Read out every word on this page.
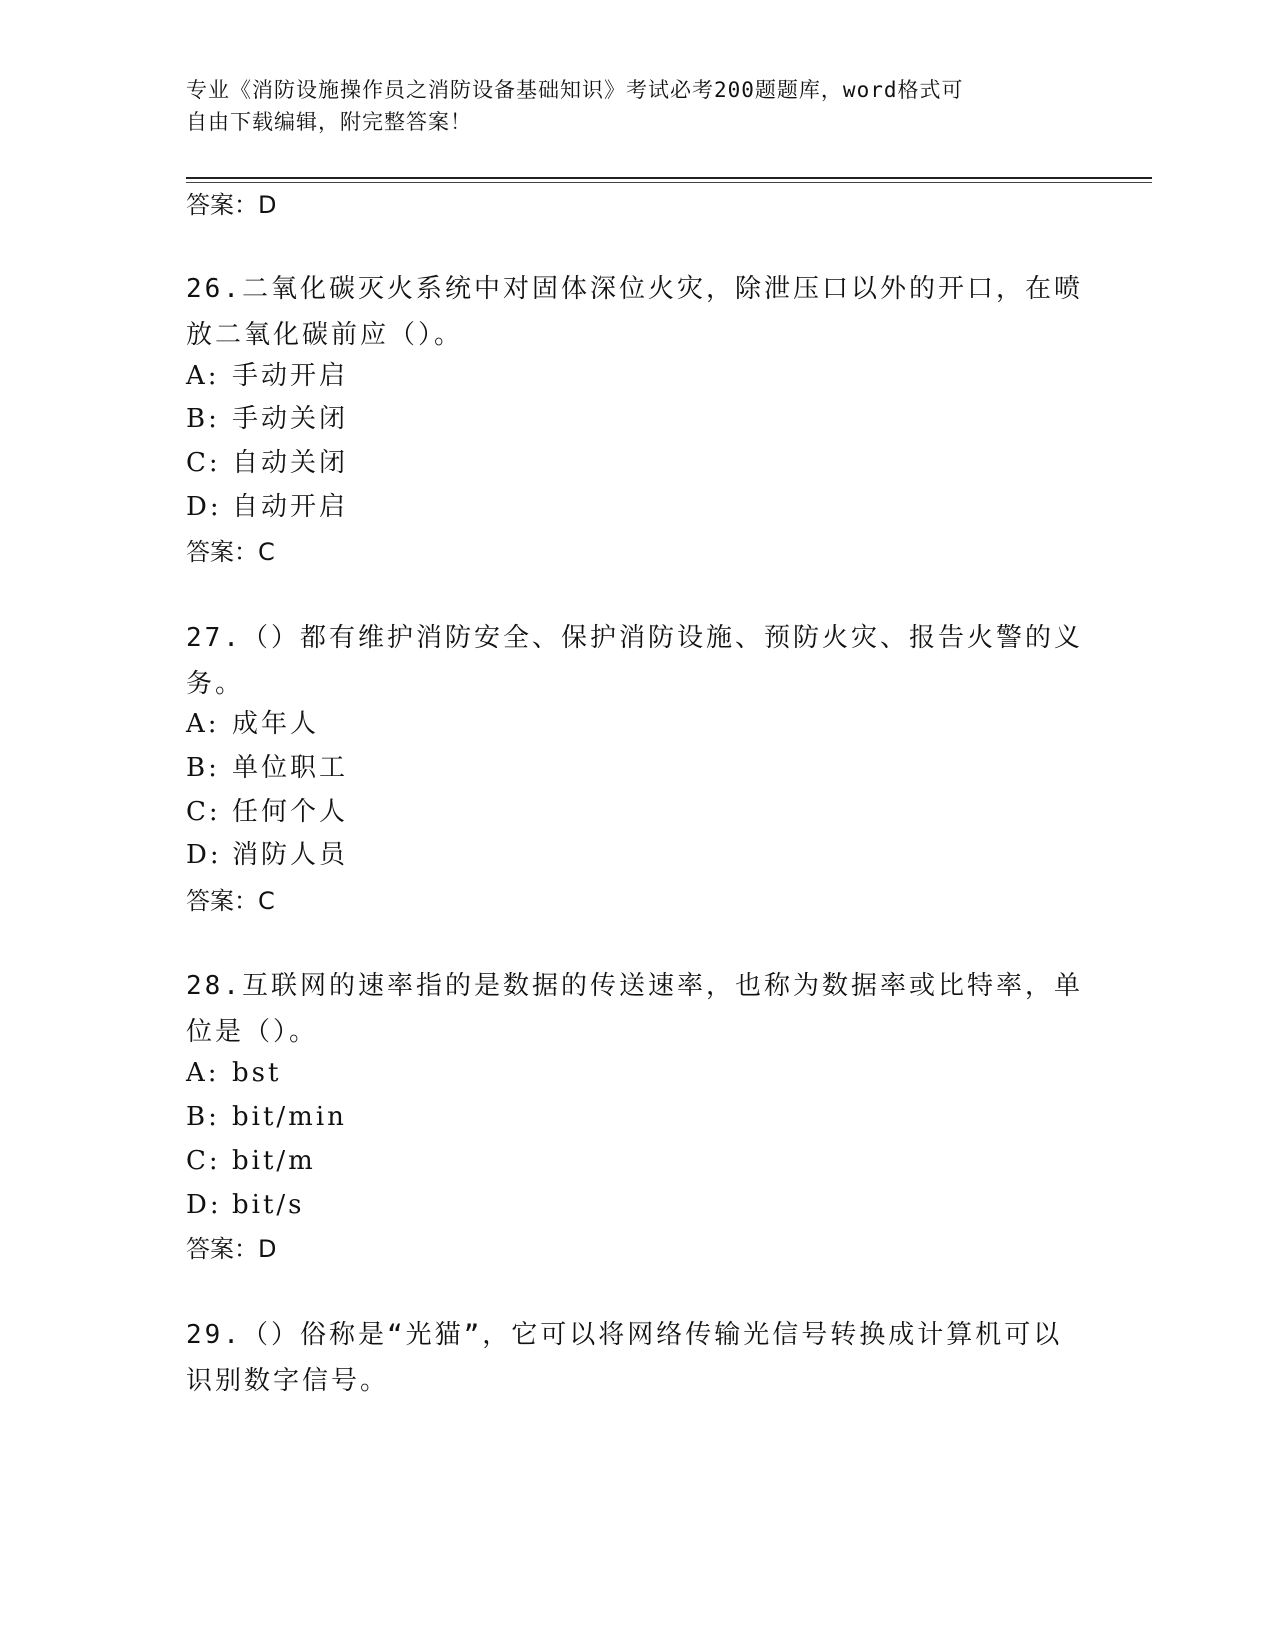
专业《消防设施操作员之消防设备基础知识》考试必考200题题库，word格式可
自由下载编辑，附完整答案！
答案：D
26.二氧化碳灭火系统中对固体深位火灾，除泄压口以外的开口，在喷
放二氧化碳前应（）。
A: 手动开启
B: 手动关闭
C: 自动关闭
D: 自动开启
答案：C
27.（）都有维护消防安全、保护消防设施、预防火灾、报告火警的义
务。
A: 成年人
B: 单位职工
C: 任何个人
D: 消防人员
答案：C
28.互联网的速率指的是数据的传送速率，也称为数据率或比特率，单
位是（）。
A: bst
B: bit/min
C: bit/m
D: bit/s
答案：D
29.（）俗称是“光猫”，它可以将网络传输光信号转换成计算机可以
识别数字信号。
